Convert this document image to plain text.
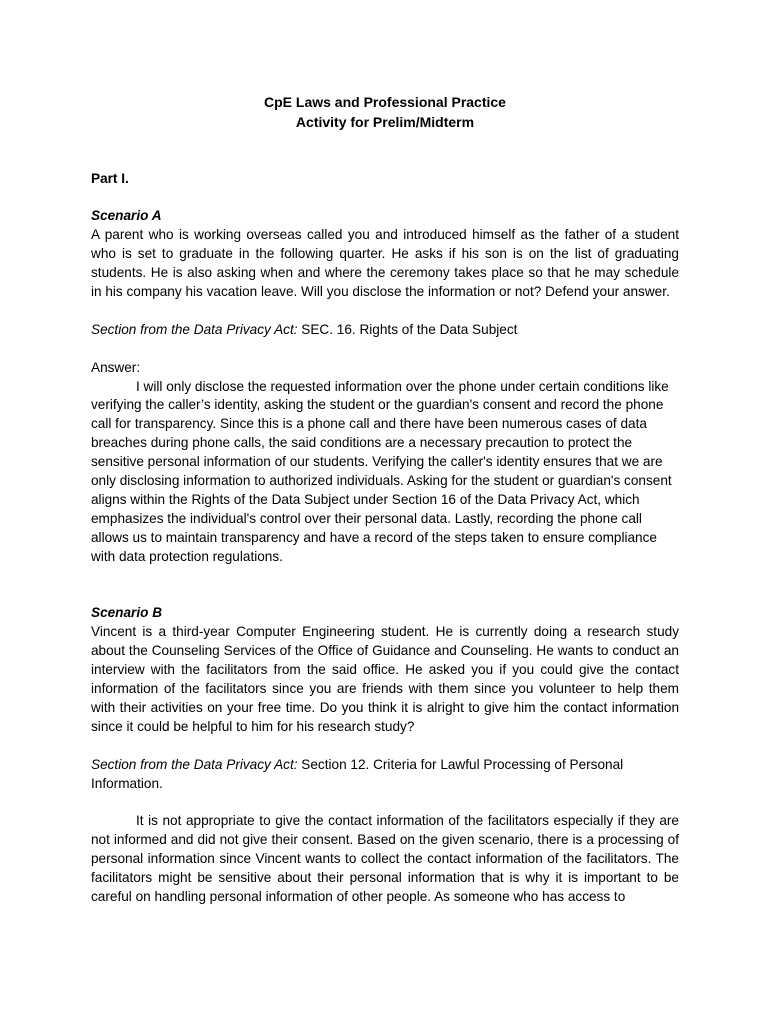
CpE Laws and Professional Practice
Activity for Prelim/Midterm
Part I.
Scenario A
A parent who is working overseas called you and introduced himself as the father of a student who is set to graduate in the following quarter. He asks if his son is on the list of graduating students. He is also asking when and where the ceremony takes place so that he may schedule in his company his vacation leave. Will you disclose the information or not? Defend your answer.
Section from the Data Privacy Act: SEC. 16. Rights of the Data Subject
Answer:
I will only disclose the requested information over the phone under certain conditions like verifying the caller’s identity, asking the student or the guardian's consent and record the phone call for transparency. Since this is a phone call and there have been numerous cases of data breaches during phone calls, the said conditions are a necessary precaution to protect the sensitive personal information of our students. Verifying the caller's identity ensures that we are only disclosing information to authorized individuals. Asking for the student or guardian's consent aligns within the Rights of the Data Subject under Section 16 of the Data Privacy Act, which emphasizes the individual's control over their personal data. Lastly, recording the phone call allows us to maintain transparency and have a record of the steps taken to ensure compliance with data protection regulations.
Scenario B
Vincent is a third-year Computer Engineering student. He is currently doing a research study about the Counseling Services of the Office of Guidance and Counseling. He wants to conduct an interview with the facilitators from the said office. He asked you if you could give the contact information of the facilitators since you are friends with them since you volunteer to help them with their activities on your free time. Do you think it is alright to give him the contact information since it could be helpful to him for his research study?
Section from the Data Privacy Act: Section 12. Criteria for Lawful Processing of Personal Information.
It is not appropriate to give the contact information of the facilitators especially if they are not informed and did not give their consent. Based on the given scenario, there is a processing of personal information since Vincent wants to collect the contact information of the facilitators. The facilitators might be sensitive about their personal information that is why it is important to be careful on handling personal information of other people. As someone who has access to
